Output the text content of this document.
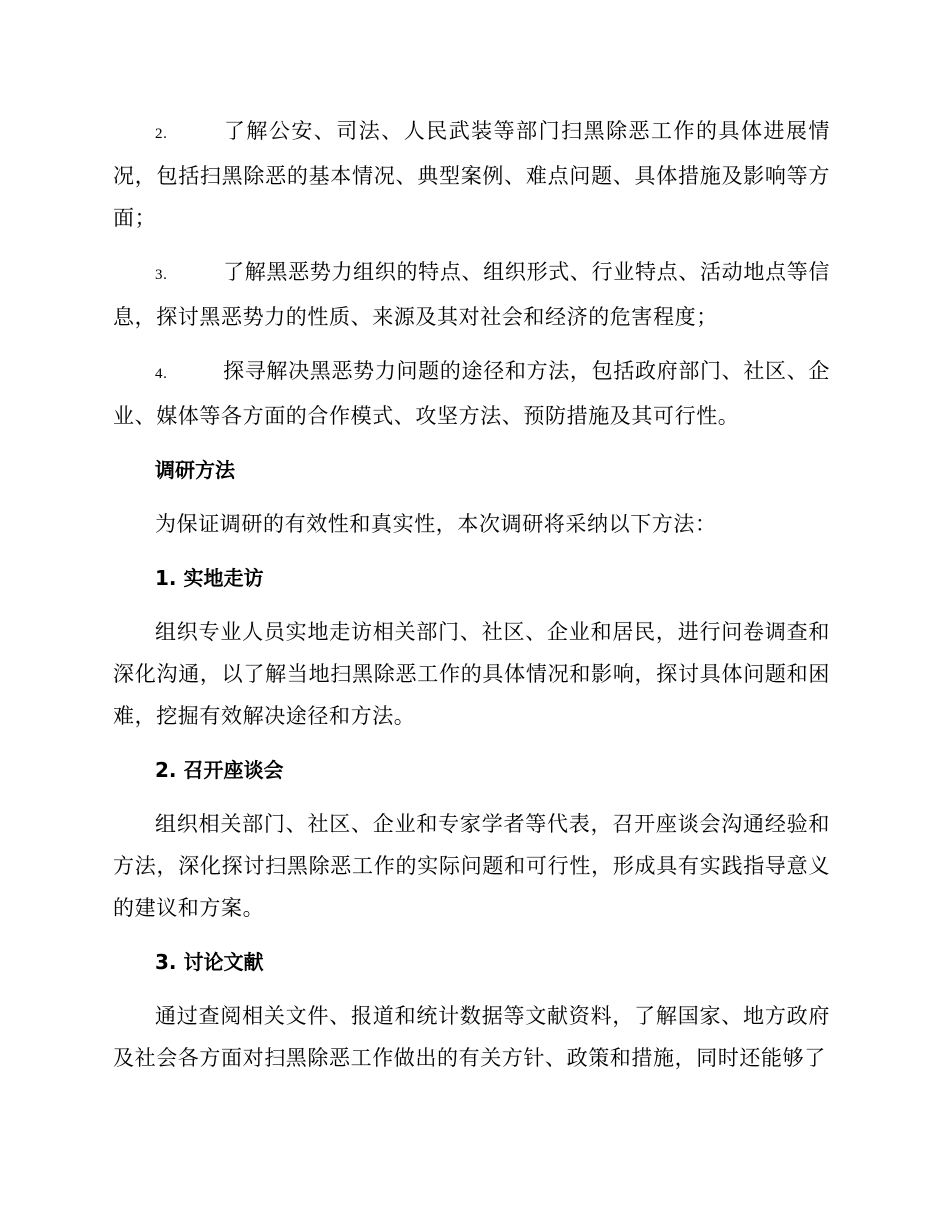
2.	了解公安、司法、人民武装等部门扫黑除恶工作的具体进展情况，包括扫黑除恶的基本情况、典型案例、难点问题、具体措施及影响等方面；

3.	了解黑恶势力组织的特点、组织形式、行业特点、活动地点等信息，探讨黑恶势力的性质、来源及其对社会和经济的危害程度；

4.	探寻解决黑恶势力问题的途径和方法，包括政府部门、社区、企业、媒体等各方面的合作模式、攻坚方法、预防措施及其可行性。

调研方法

为保证调研的有效性和真实性，本次调研将采纳以下方法：

1. 实地走访

组织专业人员实地走访相关部门、社区、企业和居民，进行问卷调查和深化沟通，以了解当地扫黑除恶工作的具体情况和影响，探讨具体问题和困难，挖掘有效解决途径和方法。

2. 召开座谈会

组织相关部门、社区、企业和专家学者等代表，召开座谈会沟通经验和方法，深化探讨扫黑除恶工作的实际问题和可行性，形成具有实践指导意义的建议和方案。

3. 讨论文献

通过查阅相关文件、报道和统计数据等文献资料，了解国家、地方政府及社会各方面对扫黑除恶工作做出的有关方针、政策和措施，同时还能够了
